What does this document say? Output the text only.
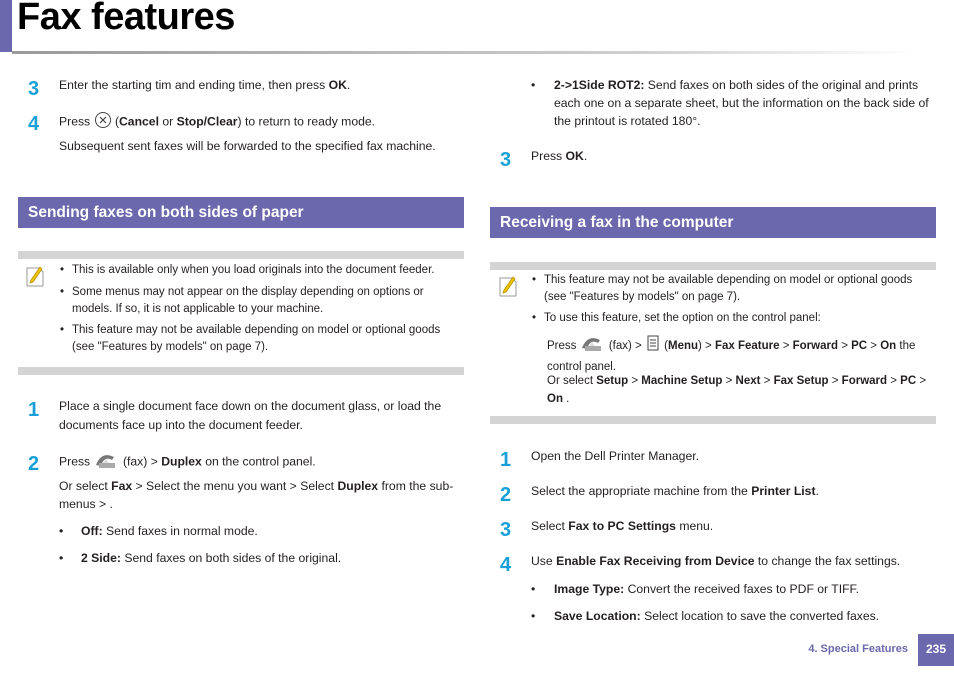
Fax features
3 Enter the starting tim and ending time, then press OK.
4 Press (Cancel or Stop/Clear) to return to ready mode.
Subsequent sent faxes will be forwarded to the specified fax machine.
Sending faxes on both sides of paper
• This is available only when you load originals into the document feeder.
• Some menus may not appear on the display depending on options or models. If so, it is not applicable to your machine.
• This feature may not be available depending on model or optional goods (see "Features by models" on page 7).
1 Place a single document face down on the document glass, or load the documents face up into the document feeder.
2 Press	(fax) > Duplex on the control panel.
Or select Fax > Select the menu you want > Select Duplex from the sub-menus > .
• Off: Send faxes in normal mode.
• 2 Side: Send faxes on both sides of the original.
•	2->1Side ROT2: Send faxes on both sides of the original and prints each one on a separate sheet, but the information on the back side of the printout is rotated 180°.
3 Press OK.
Receiving a fax in the computer
• This feature may not be available depending on model or optional goods (see "Features by models" on page 7).
• To use this feature, set the option on the control panel:
Press	(fax) > (Menu) > Fax Feature > Forward > PC > On the control panel.
Or select Setup > Machine Setup > Next > Fax Setup > Forward > PC > On .
1 Open the Dell Printer Manager.
2 Select the appropriate machine from the Printer List.
3 Select Fax to PC Settings menu.
4 Use Enable Fax Receiving from Device to change the fax settings.
• Image Type: Convert the received faxes to PDF or TIFF.
• Save Location: Select location to save the converted faxes.
4. Special Features	235
